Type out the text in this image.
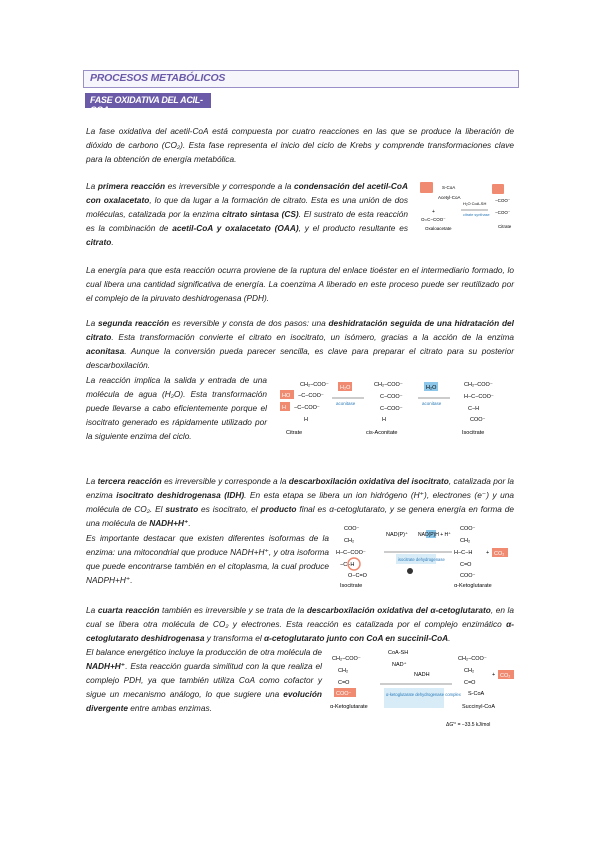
PROCESOS METABÓLICOS
FASE OXIDATIVA DEL ACIL-COA

La fase oxidativa del acetil-CoA está compuesta por cuatro reacciones en las que se produce la liberación de dióxido de carbono (CO₂). Esta fase representa el inicio del ciclo de Krebs y comprende transformaciones clave para la obtención de energía metabólica.

La primera reacción es irreversible y corresponde a la condensación del acetil-CoA con oxalacetato, lo que da lugar a la formación de citrato. Esta es una unión de dos moléculas, catalizada por la enzima citrato sintasa (CS). El sustrato de esta reacción es la combinación de acetil-CoA y oxalacetato (OAA), y el producto resultante es citrato.

S-CoA
Acetyl-CoA
+
O=C−COO⁻
Oxaloacetate
H₂O CoA-SH
citrate synthase
−COO⁻
−COO⁻
Citrate

La energía para que esta reacción ocurra proviene de la ruptura del enlace tioéster en el intermediario formado, lo cual libera una cantidad significativa de energía. La coenzima A liberado en este proceso puede ser reutilizado por el complejo de la piruvato deshidrogenasa (PDH).

La segunda reacción es reversible y consta de dos pasos: una deshidratación seguida de una hidratación del citrato. Esta transformación convierte el citrato en isocitrato, un isómero, gracias a la acción de la enzima aconitasa. Aunque la conversión pueda parecer sencilla, es clave para preparar el citrato para su posterior descarboxilación.

La reacción implica la salida y entrada de una molécula de agua (H₂O). Esta transformación puede llevarse a cabo eficientemente porque el isocitrato generado es rápidamente utilizado por la siguiente enzima del ciclo.

CH₂−COO⁻
HO −C−COO⁻
H −C−COO⁻
H
Citrate
H₂O
aconitase
CH₂−COO⁻
C−COO⁻
C−COO⁻
H
cis-Aconitate
H₂O
aconitase
CH₂−COO⁻
H−C−COO⁻
C−H
COO⁻
Isocitrate

La tercera reacción es irreversible y corresponde a la descarboxilación oxidativa del isocitrato, catalizada por la enzima isocitrato deshidrogenasa (IDH). En esta etapa se libera un ion hidrógeno (H⁺), electrones (e⁻) y una molécula de CO₂. El sustrato es isocitrato, el producto final es α-cetoglutarato, y se genera energía en forma de una molécula de NADH+H⁺.

Es importante destacar que existen diferentes isoformas de la enzima: una mitocondrial que produce NADH+H⁺, y otra isoforma que puede encontrarse también en el citoplasma, la cual produce NADPH+H⁺.

COO⁻
CH₂
H−C−COO⁻
−C−H
O−C=O
Isocitrate
NAD(P)⁺ NAD(P)H + H⁺
isocitrate dehydrogenase
COO⁻
CH₂
H−C−H
C=O
COO⁻
α-Ketoglutarate
+ CO₂

La cuarta reacción también es irreversible y se trata de la descarboxilación oxidativa del α-cetoglutarato, en la cual se libera otra molécula de CO₂ y electrones. Esta reacción es catalizada por el complejo enzimático α-cetoglutarato deshidrogenasa y transforma el α-cetoglutarato junto con CoA en succinil-CoA.

El balance energético incluye la producción de otra molécula de NADH+H⁺. Esta reacción guarda similitud con la que realiza el complejo PDH, ya que también utiliza CoA como cofactor y sigue un mecanismo análogo, lo que sugiere una evolución divergente entre ambas enzimas.

CoA-SH
NAD⁺
NADH
CH₂−COO⁻
CH₂
C=O
COO⁻
α-Ketoglutarate
α-ketoglutarate dehydrogenase complex
CH₂−COO⁻
CH₂
C=O
S-CoA
Succinyl-CoA
+ CO₂
ΔG'° = −33.5 kJ/mol
